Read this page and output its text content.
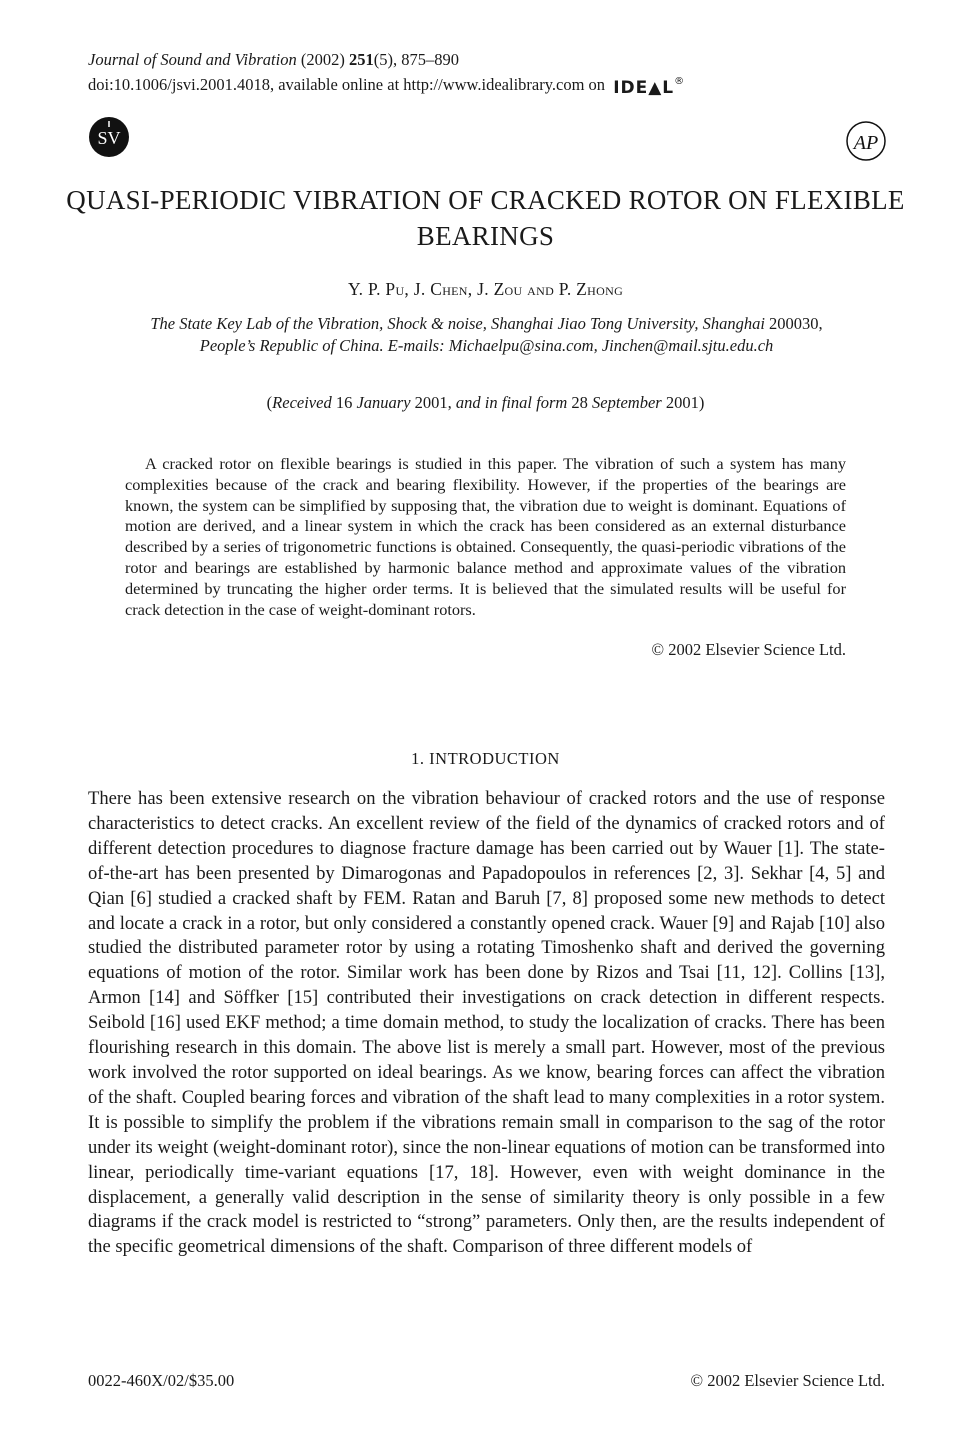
Journal of Sound and Vibration (2002) 251(5), 875–890
doi:10.1006/jsvi.2001.4018, available online at http://www.idealibrary.com on IDE▲L®
SV	AP
QUASI-PERIODIC VIBRATION OF CRACKED ROTOR ON FLEXIBLE BEARINGS
Y. P. Pu, J. Chen, J. Zou and P. Zhong
The State Key Lab of the Vibration, Shock & noise, Shanghai Jiao Tong University, Shanghai 200030,
People’s Republic of China. E-mails: Michaelpu@sina.com, Jinchen@mail.sjtu.edu.ch
(Received 16 January 2001, and in final form 28 September 2001)
A cracked rotor on flexible bearings is studied in this paper. The vibration of such a system has many complexities because of the crack and bearing flexibility. However, if the properties of the bearings are known, the system can be simplified by supposing that, the vibration due to weight is dominant. Equations of motion are derived, and a linear system in which the crack has been considered as an external disturbance described by a series of trigonometric functions is obtained. Consequently, the quasi-periodic vibrations of the rotor and bearings are established by harmonic balance method and approximate values of the vibration determined by truncating the higher order terms. It is believed that the simulated results will be useful for crack detection in the case of weight-dominant rotors.
© 2002 Elsevier Science Ltd.
1. INTRODUCTION
There has been extensive research on the vibration behaviour of cracked rotors and the use of response characteristics to detect cracks. An excellent review of the field of the dynamics of cracked rotors and of different detection procedures to diagnose fracture damage has been carried out by Wauer [1]. The state-of-the-art has been presented by Dimarogonas and Papadopoulos in references [2, 3]. Sekhar [4, 5] and Qian [6] studied a cracked shaft by FEM. Ratan and Baruh [7, 8] proposed some new methods to detect and locate a crack in a rotor, but only considered a constantly opened crack. Wauer [9] and Rajab [10] also studied the distributed parameter rotor by using a rotating Timoshenko shaft and derived the governing equations of motion of the rotor. Similar work has been done by Rizos and Tsai [11, 12]. Collins [13], Armon [14] and Söffker [15] contributed their investigations on crack detection in different respects. Seibold [16] used EKF method; a time domain method, to study the localization of cracks. There has been flourishing research in this domain. The above list is merely a small part. However, most of the previous work involved the rotor supported on ideal bearings. As we know, bearing forces can affect the vibration of the shaft. Coupled bearing forces and vibration of the shaft lead to many complexities in a rotor system. It is possible to simplify the problem if the vibrations remain small in comparison to the sag of the rotor under its weight (weight-dominant rotor), since the non-linear equations of motion can be transformed into linear, periodically time-variant equations [17, 18]. However, even with weight dominance in the displacement, a generally valid description in the sense of similarity theory is only possible in a few diagrams if the crack model is restricted to “strong” parameters. Only then, are the results independent of the specific geometrical dimensions of the shaft. Comparison of three different models of
0022-460X/02/$35.00	© 2002 Elsevier Science Ltd.
